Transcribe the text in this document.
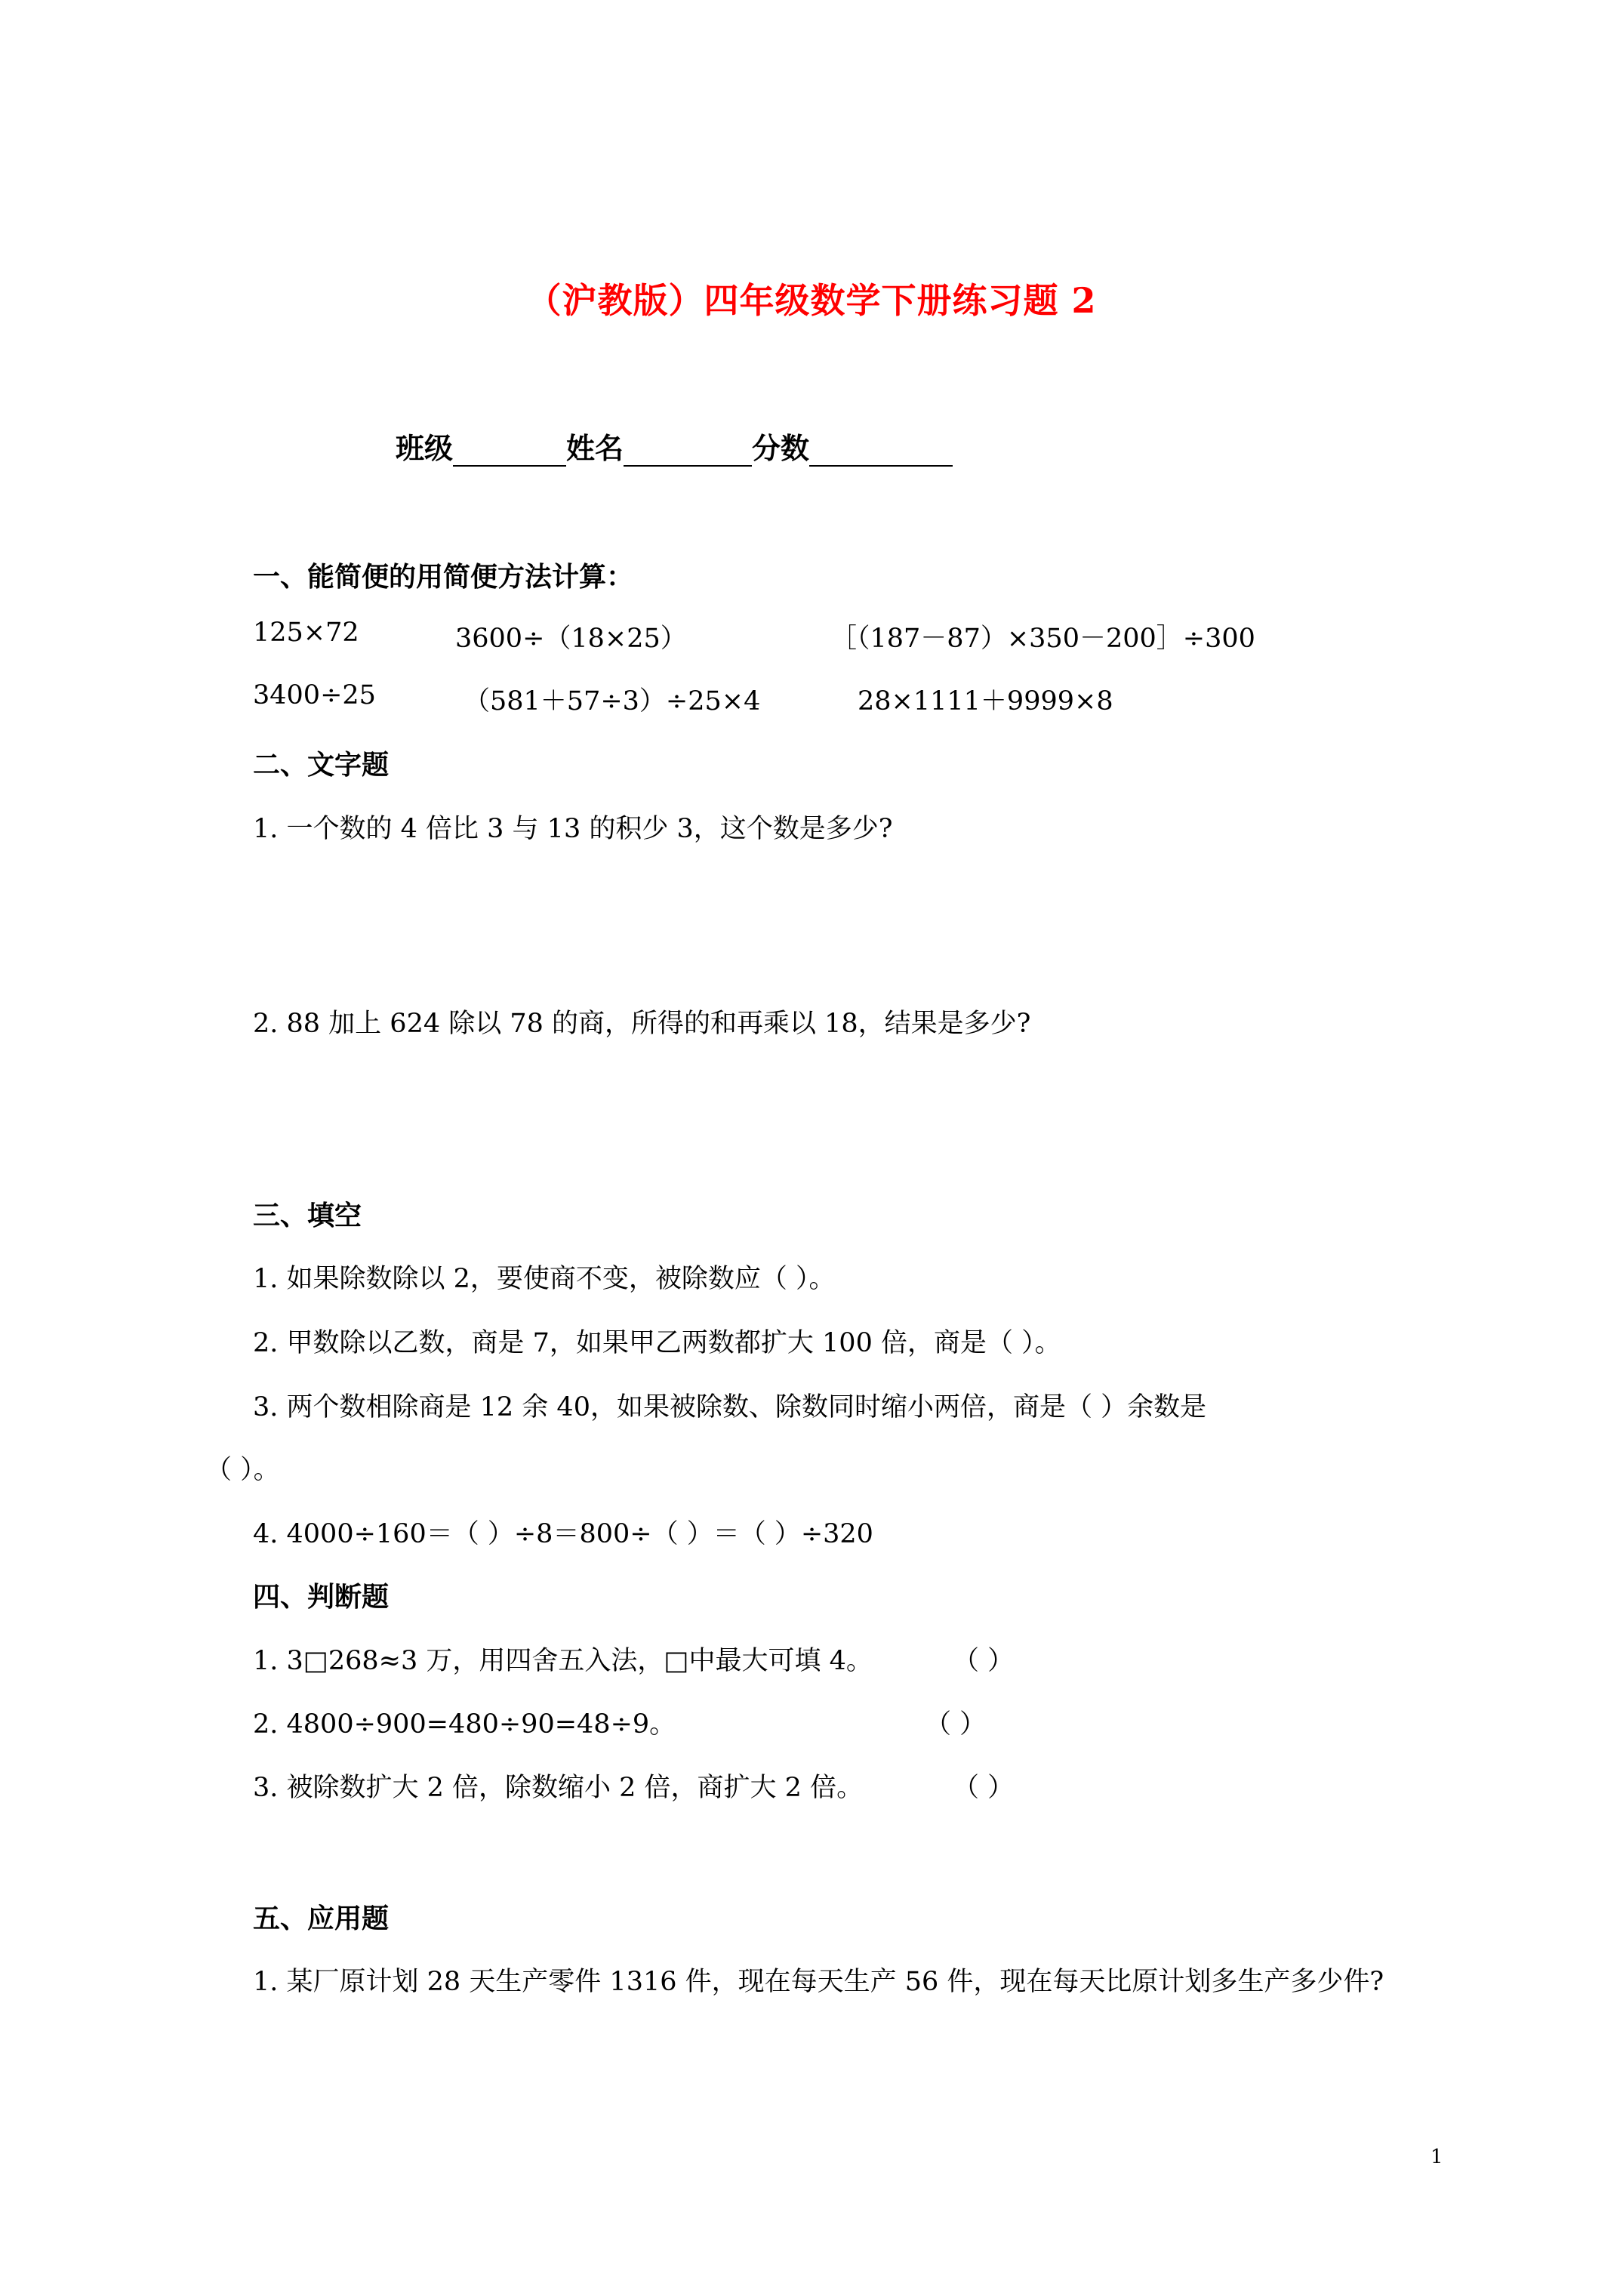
（沪教版）四年级数学下册练习题 2
班级	姓名	分数
一、能简便的用简便方法计算：
125×72	3600÷（18×25）	［（187－87）×350－200］÷300
3400÷25	（581＋57÷3）÷25×4	28×1111＋9999×8
二、文字题
1. 一个数的 4 倍比 3 与 13 的积少 3，这个数是多少?
2. 88 加上 624 除以 78 的商，所得的和再乘以 18，结果是多少?
三、填空
1. 如果除数除以 2，要使商不变，被除数应（ ）。
2. 甲数除以乙数，商是 7，如果甲乙两数都扩大 100 倍，商是（ ）。
3. 两个数相除商是 12 余 40，如果被除数、除数同时缩小两倍，商是（ ）余数是
（ ）。
4. 4000÷160＝（ ）÷8＝800÷（ ）＝（ ）÷320
四、判断题
1. 3□268≈3 万，用四舍五入法，□中最大可填 4。	（ ）
2. 4800÷900=480÷90=48÷9。	（ ）
3. 被除数扩大 2 倍，除数缩小 2 倍，商扩大 2 倍。	（ ）
五、应用题
1. 某厂原计划 28 天生产零件 1316 件，现在每天生产 56 件，现在每天比原计划多生产多少件?
1
